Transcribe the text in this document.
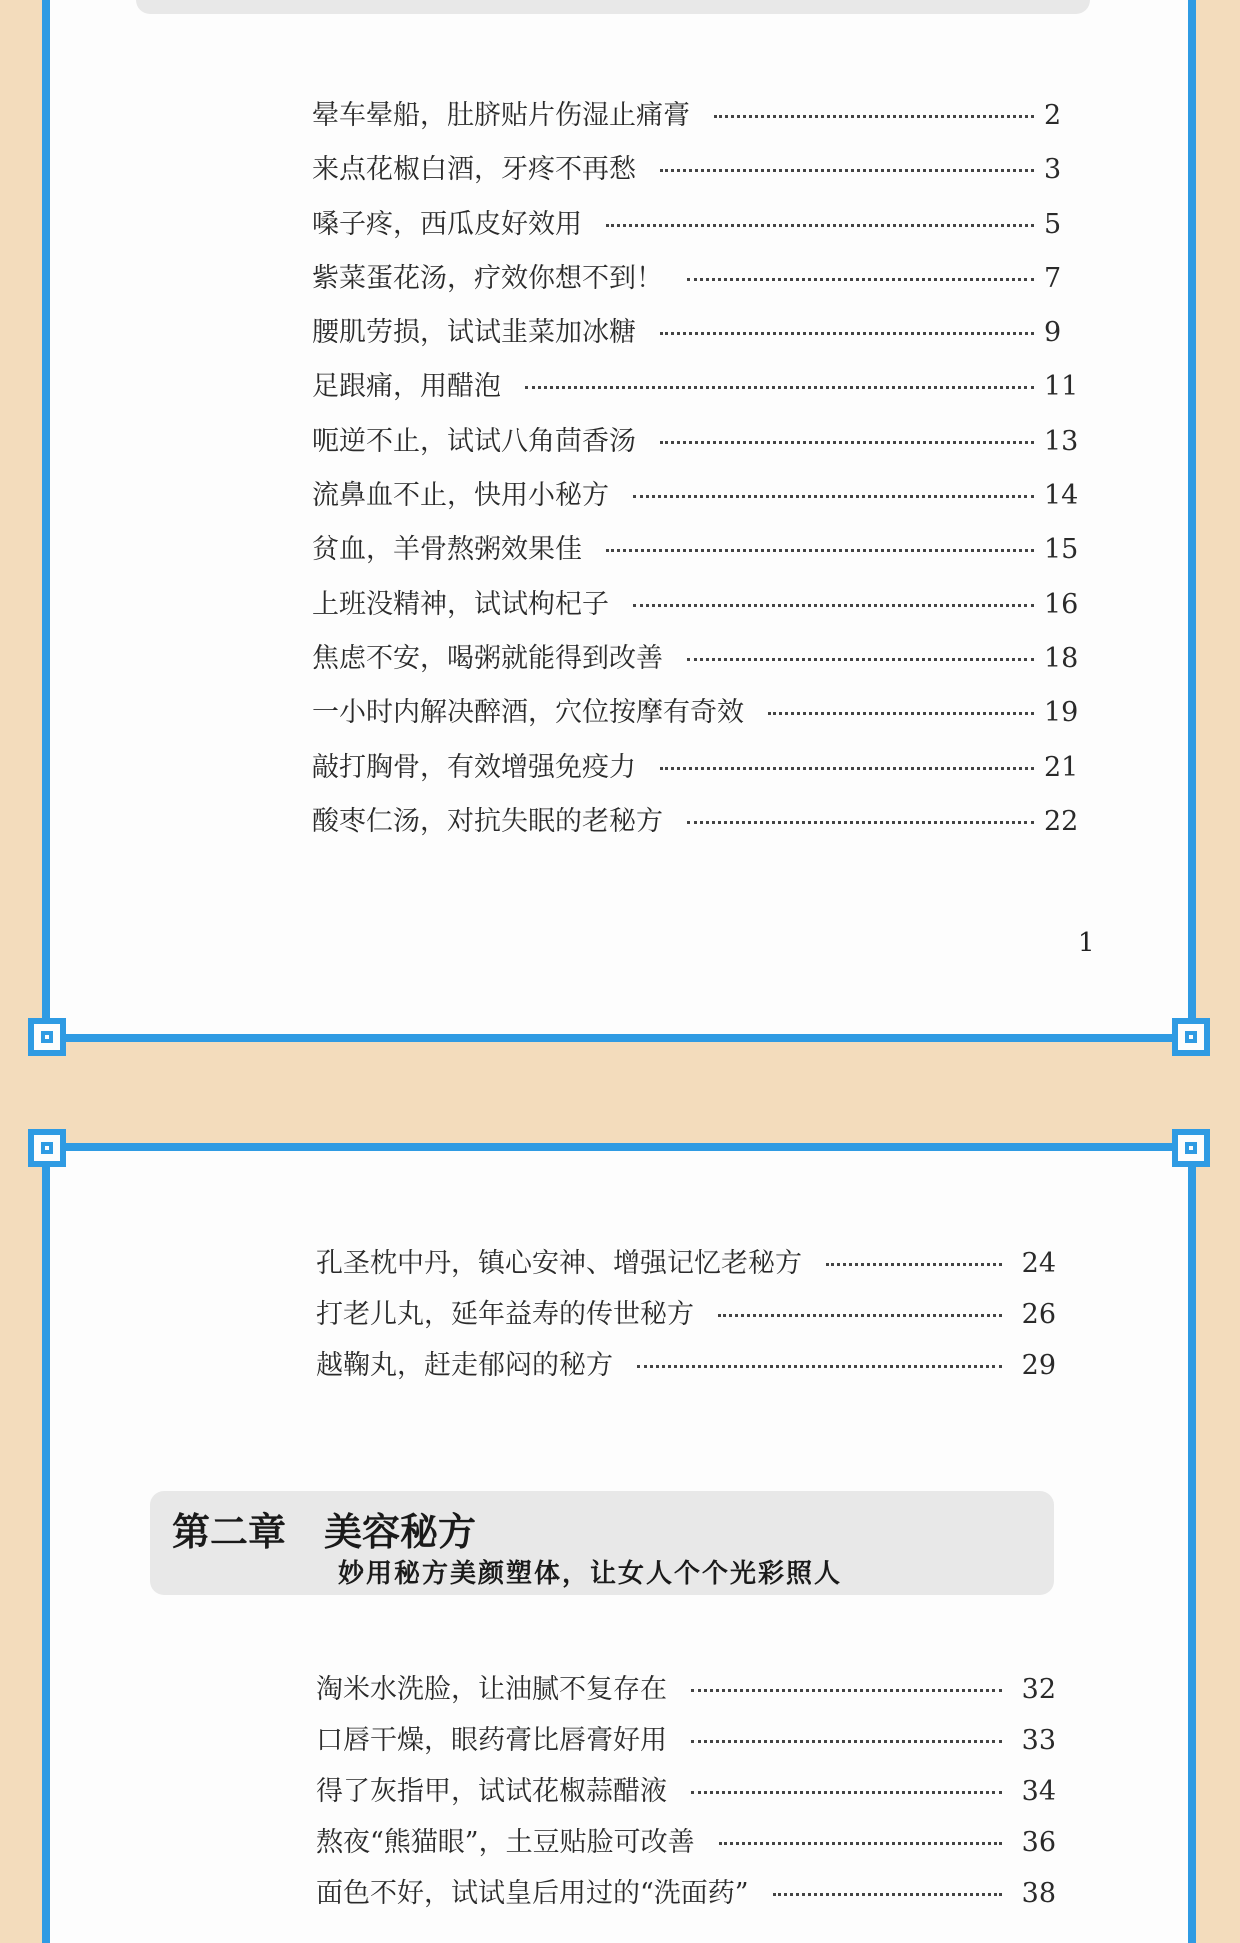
晕车晕船，肚脐贴片伤湿止痛膏	2
来点花椒白酒，牙疼不再愁	3
嗓子疼，西瓜皮好效用	5
紫菜蛋花汤，疗效你想不到！	7
腰肌劳损，试试韭菜加冰糖	9
足跟痛，用醋泡	11
呃逆不止，试试八角茴香汤	13
流鼻血不止，快用小秘方	14
贫血，羊骨熬粥效果佳	15
上班没精神，试试枸杞子	16
焦虑不安，喝粥就能得到改善	18
一小时内解决醉酒，穴位按摩有奇效	19
敲打胸骨，有效增强免疫力	21
酸枣仁汤，对抗失眠的老秘方	22
1
孔圣枕中丹，镇心安神、增强记忆老秘方	24
打老儿丸，延年益寿的传世秘方	26
越鞠丸，赶走郁闷的秘方	29
第二章 美容秘方
妙用秘方美颜塑体，让女人个个光彩照人
淘米水洗脸，让油腻不复存在	32
口唇干燥，眼药膏比唇膏好用	33
得了灰指甲，试试花椒蒜醋液	34
熬夜“熊猫眼”，土豆贴脸可改善	36
面色不好，试试皇后用过的“洗面药”	38
